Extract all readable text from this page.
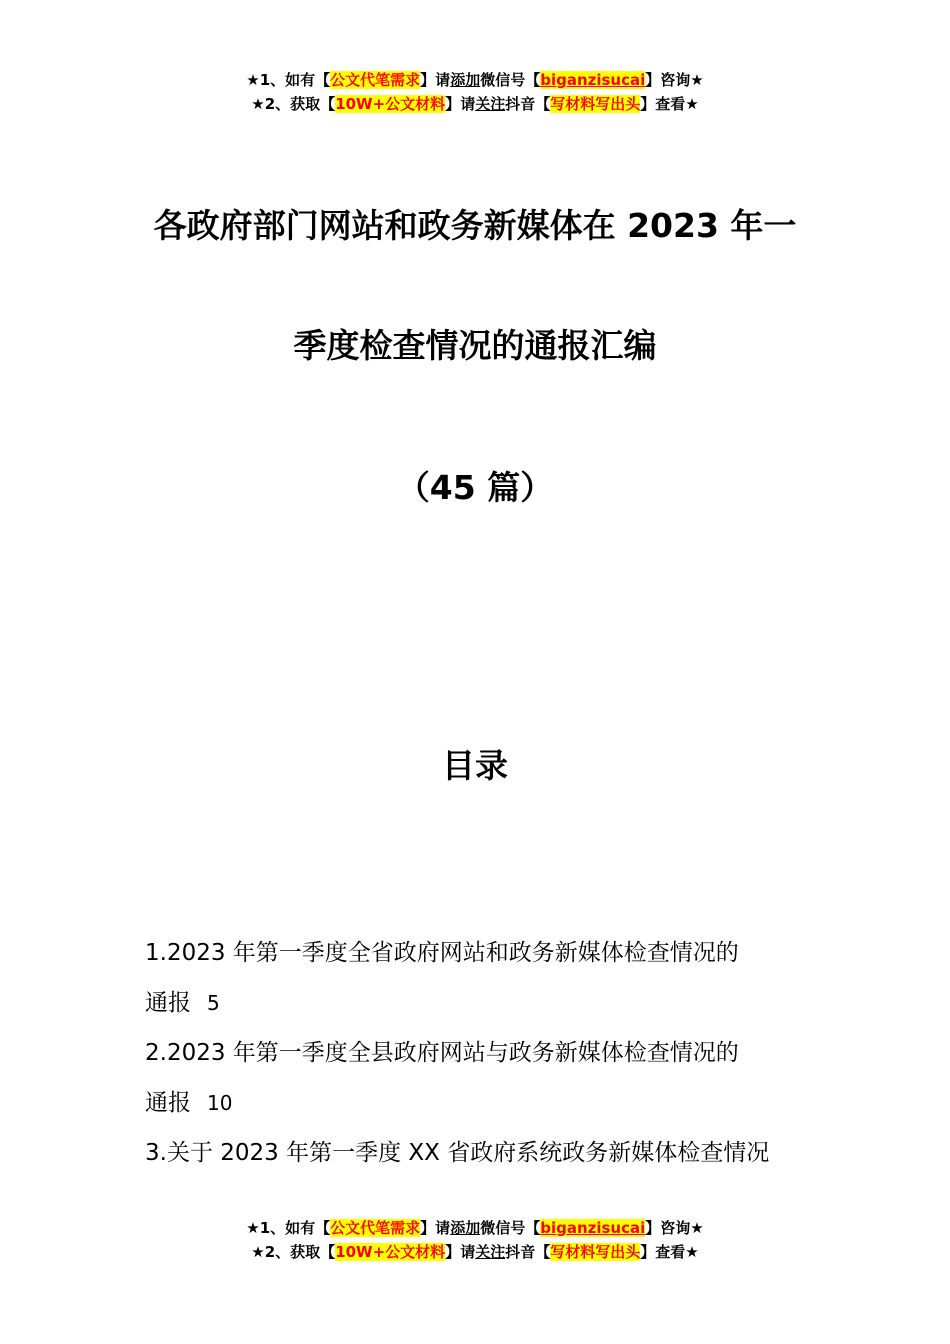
★1、如有【公文代笔需求】请添加微信号【biganzisucai】咨询★
★2、获取【10W+公文材料】请关注抖音【写材料写出头】查看★
各政府部门网站和政务新媒体在 2023 年一
季度检查情况的通报汇编
（45 篇）
目录
1.2023 年第一季度全省政府网站和政务新媒体检查情况的
通报 5
2.2023 年第一季度全县政府网站与政务新媒体检查情况的
通报 10
3.关于 2023 年第一季度 XX 省政府系统政务新媒体检查情况
★1、如有【公文代笔需求】请添加微信号【biganzisucai】咨询★
★2、获取【10W+公文材料】请关注抖音【写材料写出头】查看★
